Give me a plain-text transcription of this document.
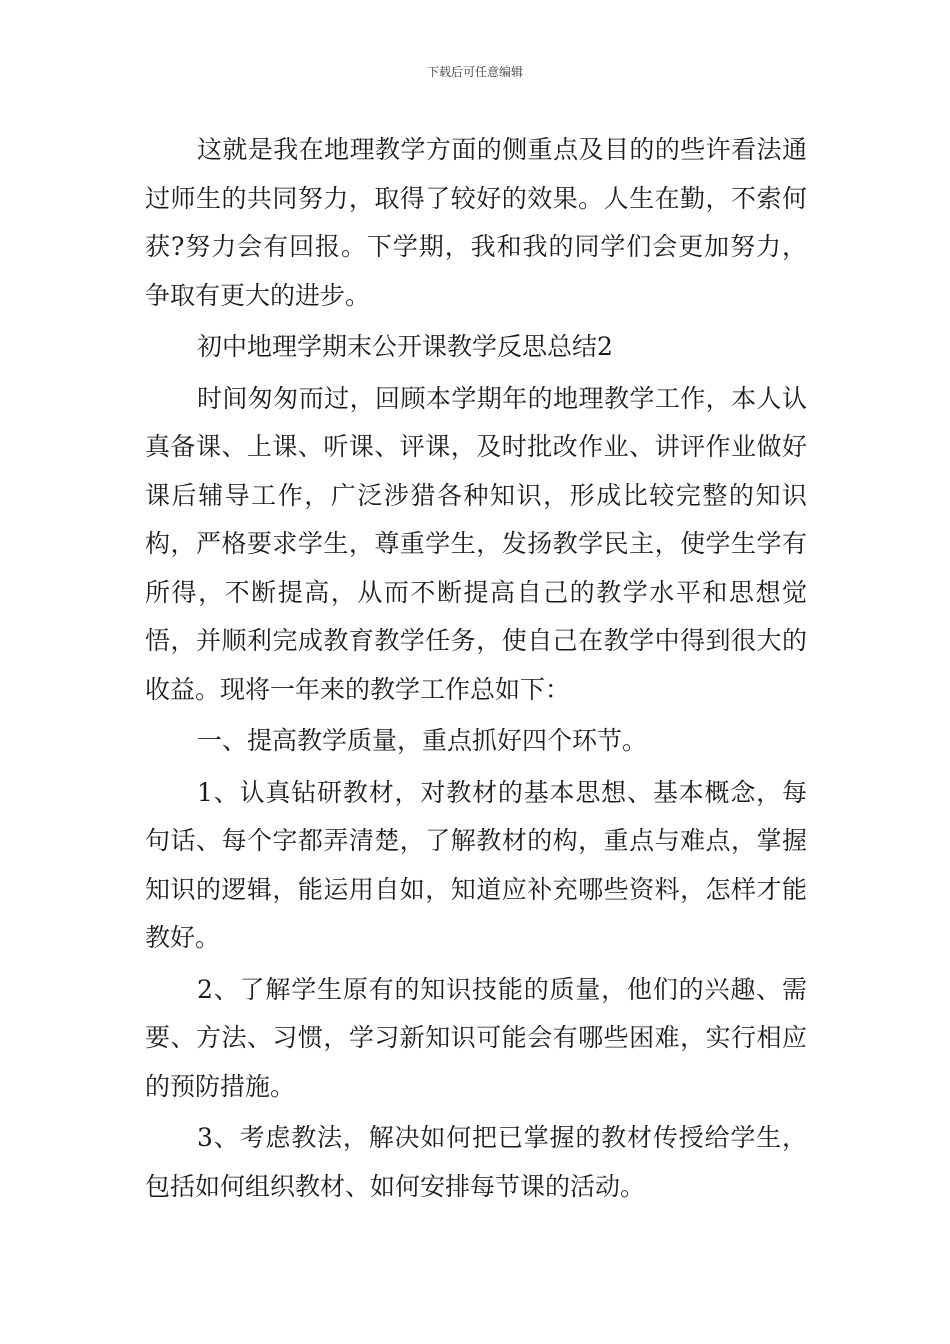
下载后可任意编辑

这就是我在地理教学方面的侧重点及目的的些许看法通过师生的共同努力，取得了较好的效果。人生在勤，不索何获?努力会有回报。下学期，我和我的同学们会更加努力，争取有更大的进步。

初中地理学期末公开课教学反思总结2

时间匆匆而过，回顾本学期年的地理教学工作，本人认真备课、上课、听课、评课，及时批改作业、讲评作业做好课后辅导工作，广泛涉猎各种知识，形成比较完整的知识构，严格要求学生，尊重学生，发扬教学民主，使学生学有所得，不断提高，从而不断提高自己的教学水平和思想觉悟，并顺利完成教育教学任务，使自己在教学中得到很大的收益。现将一年来的教学工作总如下：

一、提高教学质量，重点抓好四个环节。

1、认真钻研教材，对教材的基本思想、基本概念，每句话、每个字都弄清楚，了解教材的构，重点与难点，掌握知识的逻辑，能运用自如，知道应补充哪些资料，怎样才能教好。

2、了解学生原有的知识技能的质量，他们的兴趣、需要、方法、习惯，学习新知识可能会有哪些困难，实行相应的预防措施。

3、考虑教法，解决如何把已掌握的教材传授给学生，包括如何组织教材、如何安排每节课的活动。
